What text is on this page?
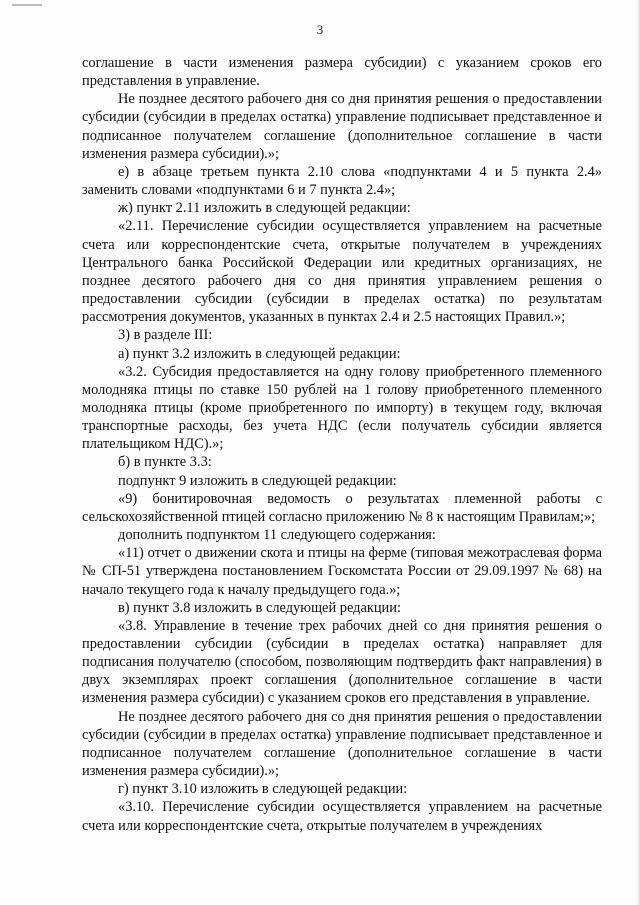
3

соглашение в части изменения размера субсидии) с указанием сроков его представления в управление.

Не позднее десятого рабочего дня со дня принятия решения о предоставлении субсидии (субсидии в пределах остатка) управление подписывает представленное и подписанное получателем соглашение (дополнительное соглашение в части изменения размера субсидии).»;

е) в абзаце третьем пункта 2.10 слова «подпунктами 4 и 5 пункта 2.4» заменить словами «подпунктами 6 и 7 пункта 2.4»;

ж) пункт 2.11 изложить в следующей редакции:

«2.11. Перечисление субсидии осуществляется управлением на расчетные счета или корреспондентские счета, открытые получателем в учреждениях Центрального банка Российской Федерации или кредитных организациях, не позднее десятого рабочего дня со дня принятия управлением решения о предоставлении субсидии (субсидии в пределах остатка) по результатам рассмотрения документов, указанных в пунктах 2.4 и 2.5 настоящих Правил.»;

3) в разделе III:

а) пункт 3.2 изложить в следующей редакции:

«3.2. Субсидия предоставляется на одну голову приобретенного племенного молодняка птицы по ставке 150 рублей на 1 голову приобретенного племенного молодняка птицы (кроме приобретенного по импорту) в текущем году, включая транспортные расходы, без учета НДС (если получатель субсидии является плательщиком НДС).»;

б) в пункте 3.3:

подпункт 9 изложить в следующей редакции:

«9) бонитировочная ведомость о результатах племенной работы с сельскохозяйственной птицей согласно приложению № 8 к настоящим Правилам;»;

дополнить подпунктом 11 следующего содержания:

«11) отчет о движении скота и птицы на ферме (типовая межотраслевая форма № СП-51 утверждена постановлением Госкомстата России от 29.09.1997 № 68) на начало текущего года к началу предыдущего года.»;

в) пункт 3.8 изложить в следующей редакции:

«3.8. Управление в течение трех рабочих дней со дня принятия решения о предоставлении субсидии (субсидии в пределах остатка) направляет для подписания получателю (способом, позволяющим подтвердить факт направления) в двух экземплярах проект соглашения (дополнительное соглашение в части изменения размера субсидии) с указанием сроков его представления в управление.

Не позднее десятого рабочего дня со дня принятия решения о предоставлении субсидии (субсидии в пределах остатка) управление подписывает представленное и подписанное получателем соглашение (дополнительное соглашение в части изменения размера субсидии).»;

г) пункт 3.10 изложить в следующей редакции:

«3.10. Перечисление субсидии осуществляется управлением на расчетные счета или корреспондентские счета, открытые получателем в учреждениях
